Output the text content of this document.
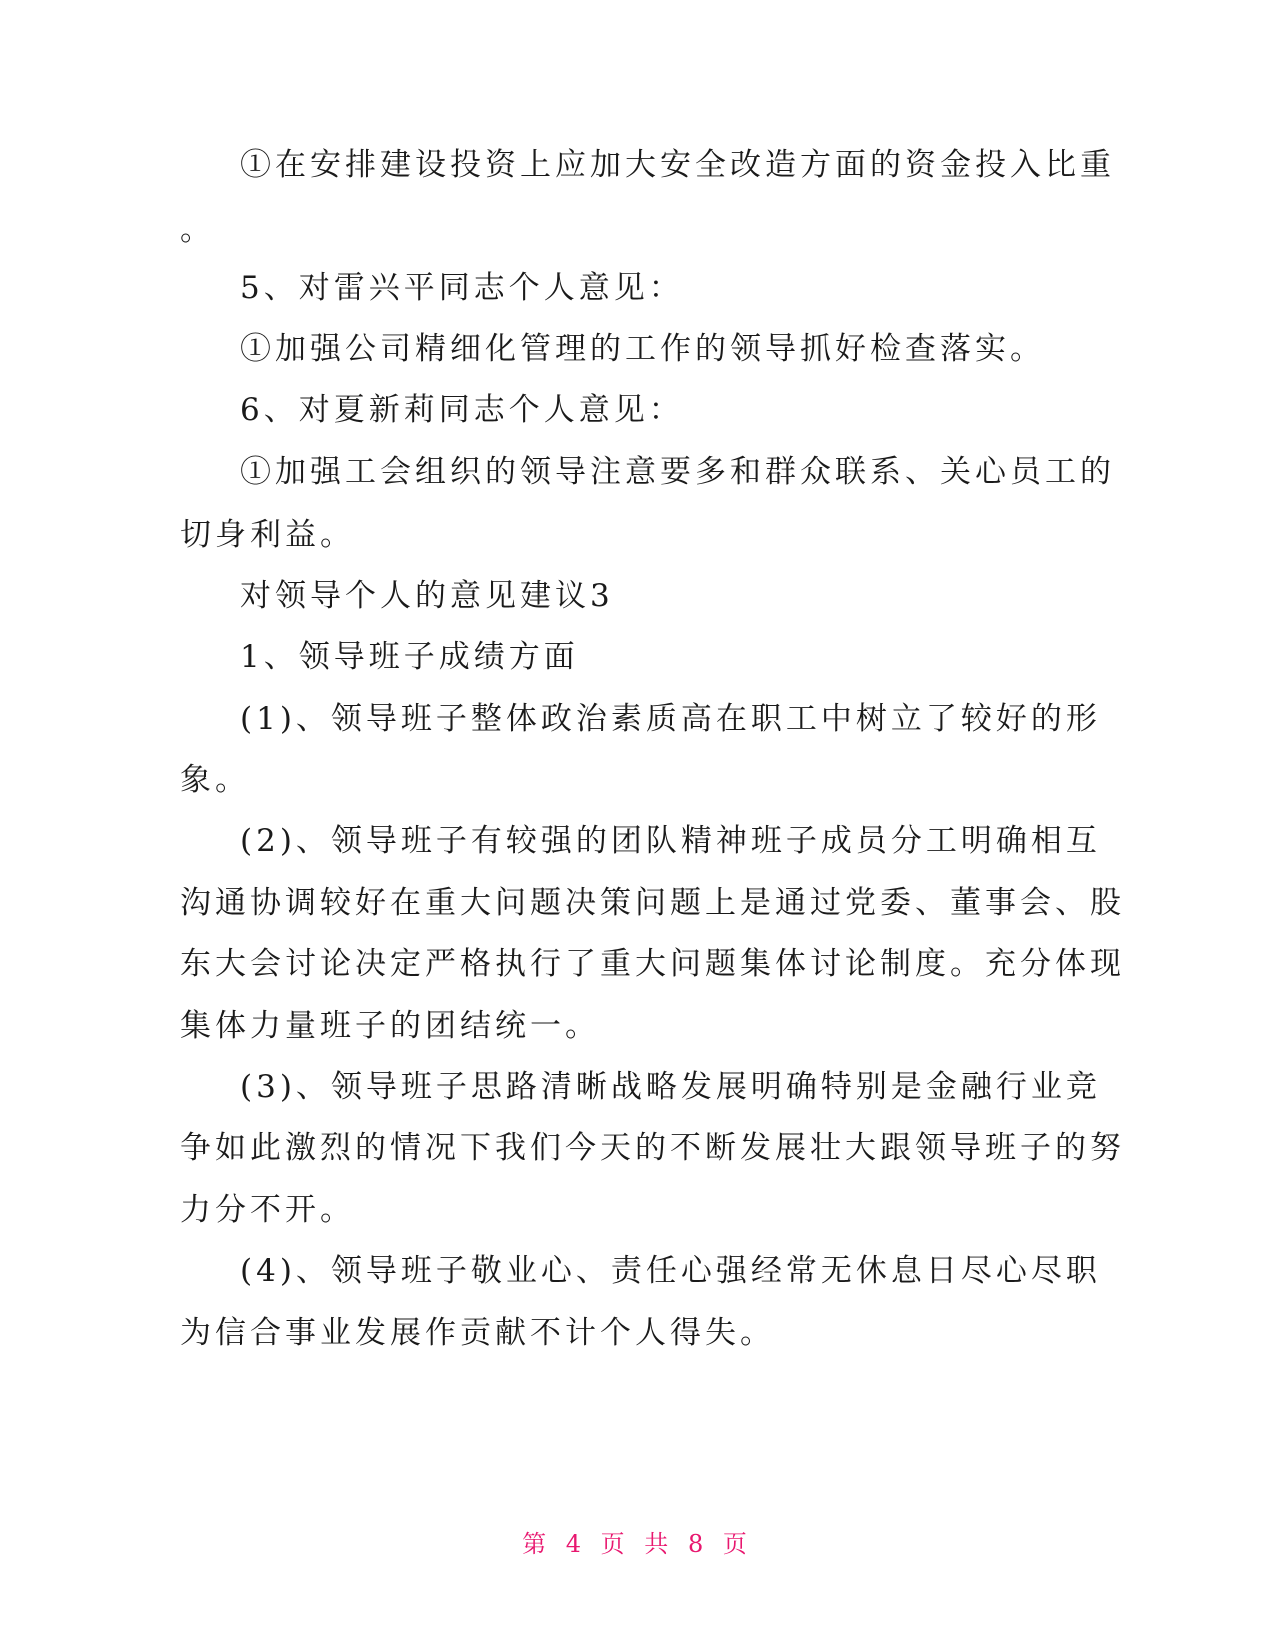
①在安排建设投资上应加大安全改造方面的资金投入比重
。
5、对雷兴平同志个人意见：
①加强公司精细化管理的工作的领导抓好检查落实。
6、对夏新莉同志个人意见：
①加强工会组织的领导注意要多和群众联系、关心员工的
切身利益。
对领导个人的意见建议3
1、领导班子成绩方面
(1)、领导班子整体政治素质高在职工中树立了较好的形
象。
(2)、领导班子有较强的团队精神班子成员分工明确相互
沟通协调较好在重大问题决策问题上是通过党委、董事会、股
东大会讨论决定严格执行了重大问题集体讨论制度。充分体现
集体力量班子的团结统一。
(3)、领导班子思路清晰战略发展明确特别是金融行业竞
争如此激烈的情况下我们今天的不断发展壮大跟领导班子的努
力分不开。
(4)、领导班子敬业心、责任心强经常无休息日尽心尽职
为信合事业发展作贡献不计个人得失。
第 4 页 共 8 页
